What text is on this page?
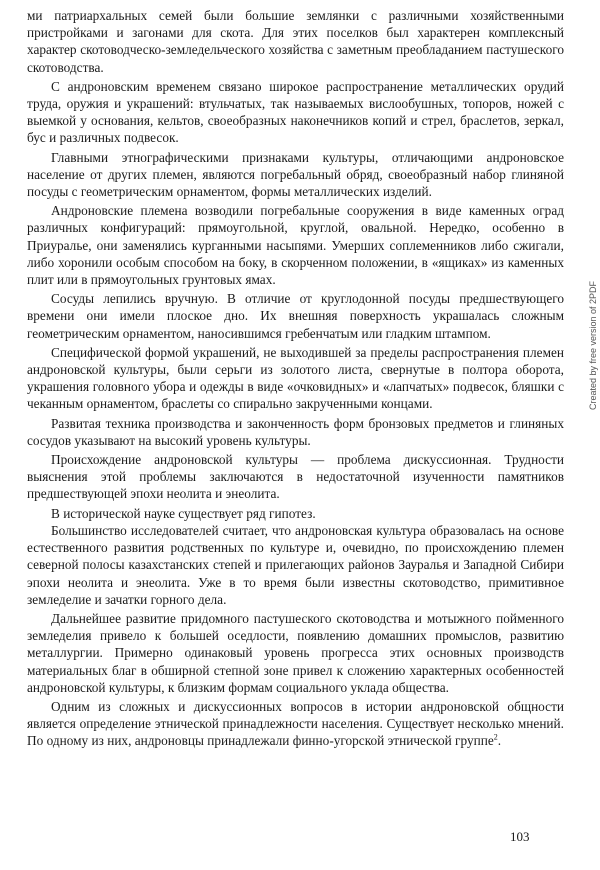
ми патриархальных семей были большие землянки с различными хозяйственными пристройками и загонами для скота. Для этих поселков был характерен комплексный характер скотоводческо-земледельческого хозяйства с заметным преобладанием пастушеского скотоводства.

С андроновским временем связано широкое распространение металлических орудий труда, оружия и украшений: втульчатых, так называемых вислообушных, топоров, ножей с выемкой у основания, кельтов, своеобразных наконечников копий и стрел, браслетов, зеркал, бус и различных подвесок.

Главными этнографическими признаками культуры, отличающими андроновское население от других племен, являются погребальный обряд, своеобразный набор глиняной посуды с геометрическим орнаментом, формы металлических изделий.

Андроновские племена возводили погребальные сооружения в виде каменных оград различных конфигураций: прямоугольной, круглой, овальной. Нередко, особенно в Приуралье, они заменялись курганными насыпями. Умерших соплеменников либо сжигали, либо хоронили особым способом на боку, в скорченном положении, в «ящиках» из каменных плит или в прямоугольных грунтовых ямах.

Сосуды лепились вручную. В отличие от круглодонной посуды предшествующего времени они имели плоское дно. Их внешняя поверхность украшалась сложным геометрическим орнаментом, наносившимся гребенчатым или гладким штампом.

Специфической формой украшений, не выходившей за пределы распространения племен андроновской культуры, были серьги из золотого листа, свернутые в полтора оборота, украшения головного убора и одежды в виде «очковидных» и «лапчатых» подвесок, бляшки с чеканным орнаментом, браслеты со спирально закрученными концами.

Развитая техника производства и законченность форм бронзовых предметов и глиняных сосудов указывают на высокий уровень культуры.

Происхождение андроновской культуры — проблема дискуссионная. Трудности выяснения этой проблемы заключаются в недостаточной изученности памятников предшествующей эпохи неолита и энеолита.

В исторической науке существует ряд гипотез.

Большинство исследователей считает, что андроновская культура образовалась на основе естественного развития родственных по культуре и, очевидно, по происхождению племен северной полосы казахстанских степей и прилегающих районов Зауралья и Западной Сибири эпохи неолита и энеолита. Уже в то время были известны скотоводство, примитивное земледелие и зачатки горного дела.

Дальнейшее развитие придомного пастушеского скотоводства и мотыжного пойменного земледелия привело к большей оседлости, появлению домашних промыслов, развитию металлургии. Примерно одинаковый уровень прогресса этих основных производств материальных благ в обширной степной зоне привел к сложению характерных особенностей андроновской культуры, к близким формам социального уклада общества.

Одним из сложных и дискуссионных вопросов в истории андроновской общности является определение этнической принадлежности населения. Существует несколько мнений. По одному из них, андроновцы принадлежали финно-угорской этнической группе$^2$.

Created by free version of 2PDF
103
